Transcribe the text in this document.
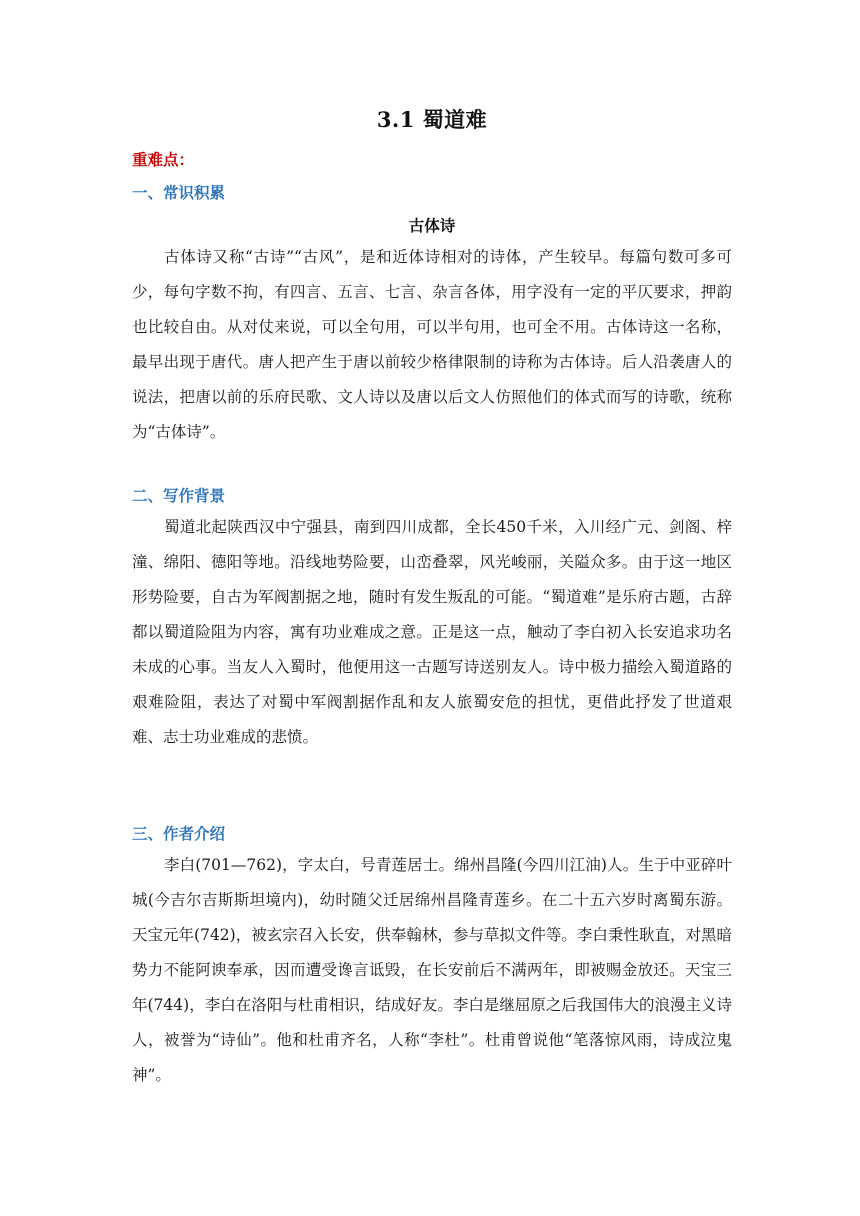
3.1 蜀道难

重难点：

一、常识积累

古体诗

古体诗又称“古诗”“古风”，是和近体诗相对的诗体，产生较早。每篇句数可多可少，每句字数不拘，有四言、五言、七言、杂言各体，用字没有一定的平仄要求，押韵也比较自由。从对仗来说，可以全句用，可以半句用，也可全不用。古体诗这一名称，最早出现于唐代。唐人把产生于唐以前较少格律限制的诗称为古体诗。后人沿袭唐人的说法，把唐以前的乐府民歌、文人诗以及唐以后文人仿照他们的体式而写的诗歌，统称为“古体诗”。

二、写作背景

蜀道北起陕西汉中宁强县，南到四川成都，全长450千米，入川经广元、剑阁、梓潼、绵阳、德阳等地。沿线地势险要，山峦叠翠，风光峻丽，关隘众多。由于这一地区形势险要，自古为军阀割据之地，随时有发生叛乱的可能。“蜀道难”是乐府古题，古辞都以蜀道险阻为内容，寓有功业难成之意。正是这一点，触动了李白初入长安追求功名未成的心事。当友人入蜀时，他便用这一古题写诗送别友人。诗中极力描绘入蜀道路的艰难险阻，表达了对蜀中军阀割据作乱和友人旅蜀安危的担忧，更借此抒发了世道艰难、志士功业难成的悲愤。

三、作者介绍

李白(701—762)，字太白，号青莲居士。绵州昌隆(今四川江油)人。生于中亚碎叶城(今吉尔吉斯斯坦境内)，幼时随父迁居绵州昌隆青莲乡。在二十五六岁时离蜀东游。天宝元年(742)，被玄宗召入长安，供奉翰林，参与草拟文件等。李白秉性耿直，对黑暗势力不能阿谀奉承，因而遭受谗言诋毁，在长安前后不满两年，即被赐金放还。天宝三年(744)，李白在洛阳与杜甫相识，结成好友。李白是继屈原之后我国伟大的浪漫主义诗人，被誉为“诗仙”。他和杜甫齐名，人称“李杜”。杜甫曾说他“笔落惊风雨，诗成泣鬼神”。
